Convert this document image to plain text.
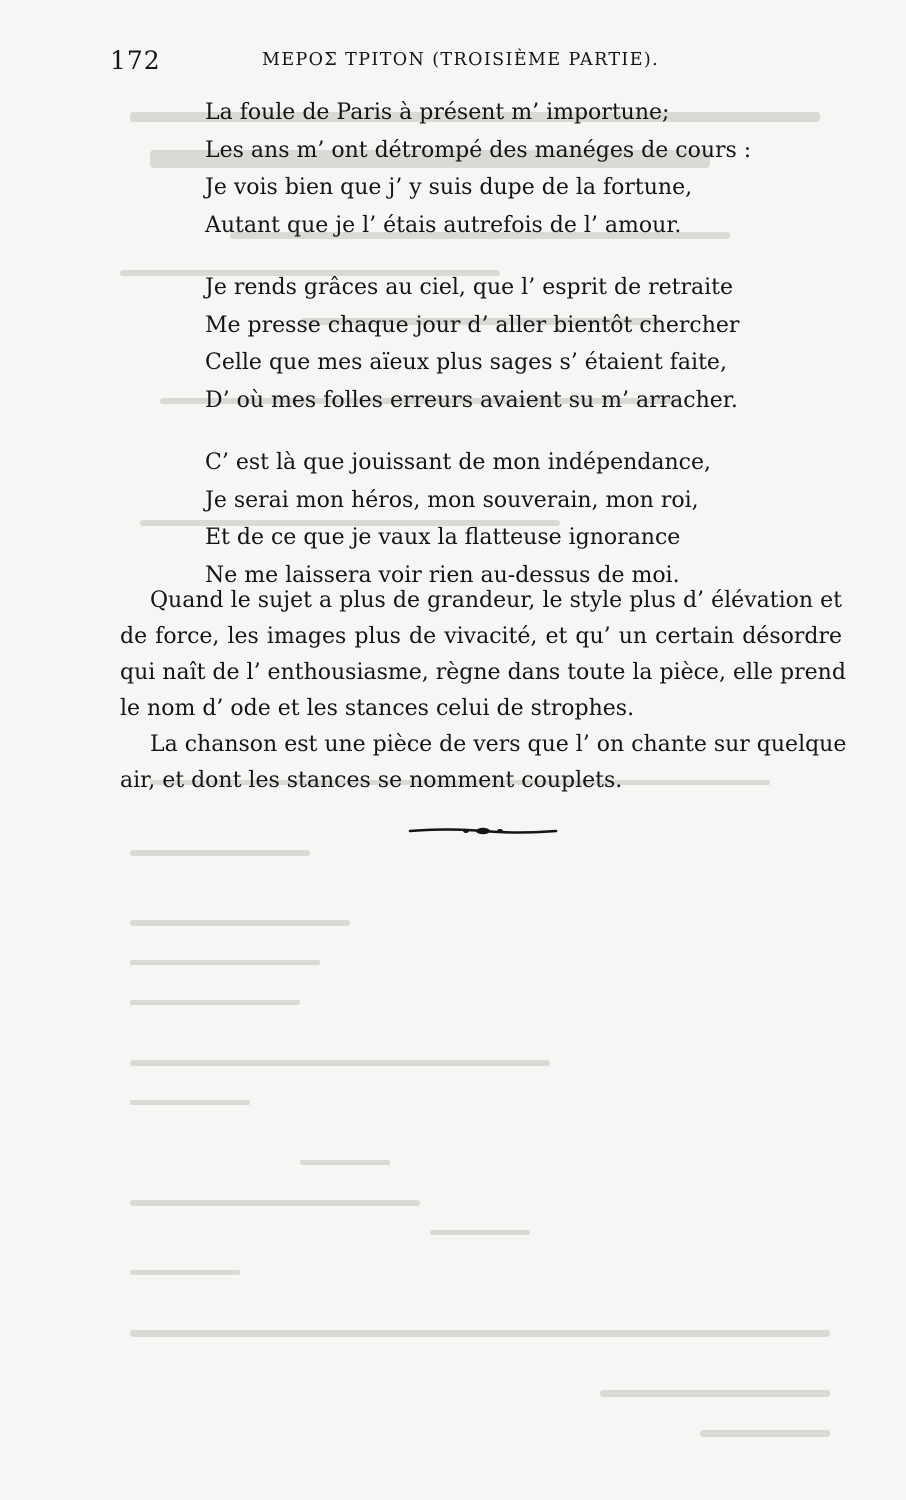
172	ΜΕΡΟΣ ΤΡΙΤΟΝ (TROISIÈME PARTIE).
La foule de Paris à présent m’ importune;
Les ans m’ ont détrompé des manéges de cours :
Je vois bien que j’ y suis dupe de la fortune,
Autant que je l’ étais autrefois de l’ amour.
Je rends grâces au ciel, que l’ esprit de retraite
Me presse chaque jour d’ aller bientôt chercher
Celle que mes aïeux plus sages s’ étaient faite,
D’ où mes folles erreurs avaient su m’ arracher.
C’ est là que jouissant de mon indépendance,
Je serai mon héros, mon souverain, mon roi,
Et de ce que je vaux la flatteuse ignorance
Ne me laissera voir rien au-dessus de moi.
Quand le sujet a plus de grandeur, le style plus d’ élévation et
de force, les images plus de vivacité, et qu’ un certain désordre
qui naît de l’ enthousiasme, règne dans toute la pièce, elle prend
le nom d’ ode et les stances celui de strophes.
La chanson est une pièce de vers que l’ on chante sur quelque
air, et dont les stances se nomment couplets.
